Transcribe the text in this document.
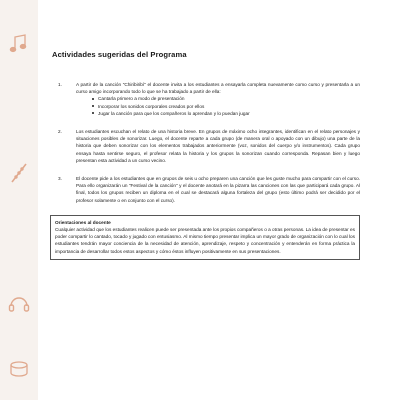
Actividades sugeridas del Programa
1.	A partir de la canción "Chiribiribí" el docente invita a los estudiantes a ensayarla completa nuevamente como curso y presentarla a un curso amigo incorporando todo lo que se ha trabajado a partir de ella:
Cantarla primero a modo de presentación
Incorporar los sonidos corporales creados por ellos
Jugar la canción para que los compañeros lo aprendan y lo puedan jugar
2.	Los estudiantes escuchan el relato de una historia breve. En grupos de máximo ocho integrantes, identifican en el relato personajes y situaciones posibles de sonorizar. Luego, el docente reparte a cada grupo (de manera oral o apoyado con un dibujo) una parte de la historia que deben sonorizar con los elementos trabajados anteriormente (voz, sonidos del cuerpo y/o instrumentos). Cada grupo ensaya hasta sentirse seguro, el profesor relata la historia y los grupos la sonorizan cuando corresponda. Repasan bien y luego presentan esta actividad a un curso vecino.
3.	El docente pide a los estudiantes que en grupos de seis u ocho preparen una canción que les guste mucho para compartir con el curso. Para ello organizarán un "Festival de la canción" y el docente anotará en la pizarra las canciones con las que participará cada grupo. Al final, todos los grupos reciben un diploma en el cual se destacará alguna fortaleza del grupo (esto último podrá ser decidido por el profesor solamente o en conjunto con el curso).
Orientaciones al docente
Cualquier actividad que los estudiantes realicen puede ser presentada ante los propios compañeros o a otras personas. La idea de presentar es poder compartir lo cantado, tocado y jugado con entusiasmo. Al mismo tiempo presentar implica un mayor grado de organización con lo cual los estudiantes tendrán mayor conciencia de la necesidad de atención, aprendizaje, respeto y concentración y entenderán en forma práctica la importancia de desarrollar todos estos aspectos y cómo éstos influyen positivamente en sus presentaciones.
